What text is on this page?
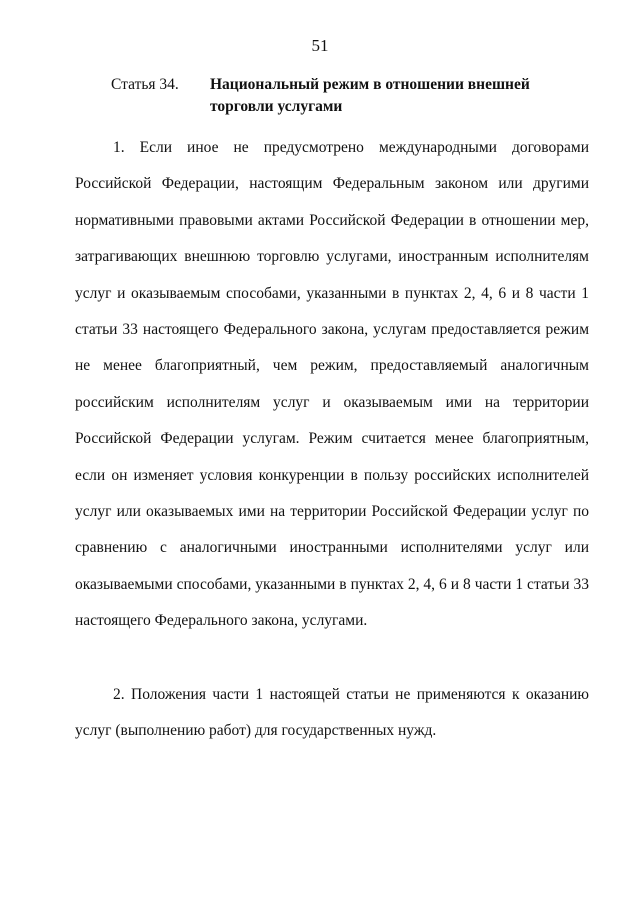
51
Статья 34. Национальный режим в отношении внешней торговли услугами

1. Если иное не предусмотрено международными договорами Российской Федерации, настоящим Федеральным законом или другими нормативными правовыми актами Российской Федерации в отношении мер, затрагивающих внешнюю торговлю услугами, иностранным исполнителям услуг и оказываемым способами, указанными в пунктах 2, 4, 6 и 8 части 1 статьи 33 настоящего Федерального закона, услугам предоставляется режим не менее благоприятный, чем режим, предоставляемый аналогичным российским исполнителям услуг и оказываемым ими на территории Российской Федерации услугам. Режим считается менее благоприятным, если он изменяет условия конкуренции в пользу российских исполнителей услуг или оказываемых ими на территории Российской Федерации услуг по сравнению с аналогичными иностранными исполнителями услуг или оказываемыми способами, указанными в пунктах 2, 4, 6 и 8 части 1 статьи 33 настоящего Федерального закона, услугами.

2. Положения части 1 настоящей статьи не применяются к оказанию услуг (выполнению работ) для государственных нужд.
